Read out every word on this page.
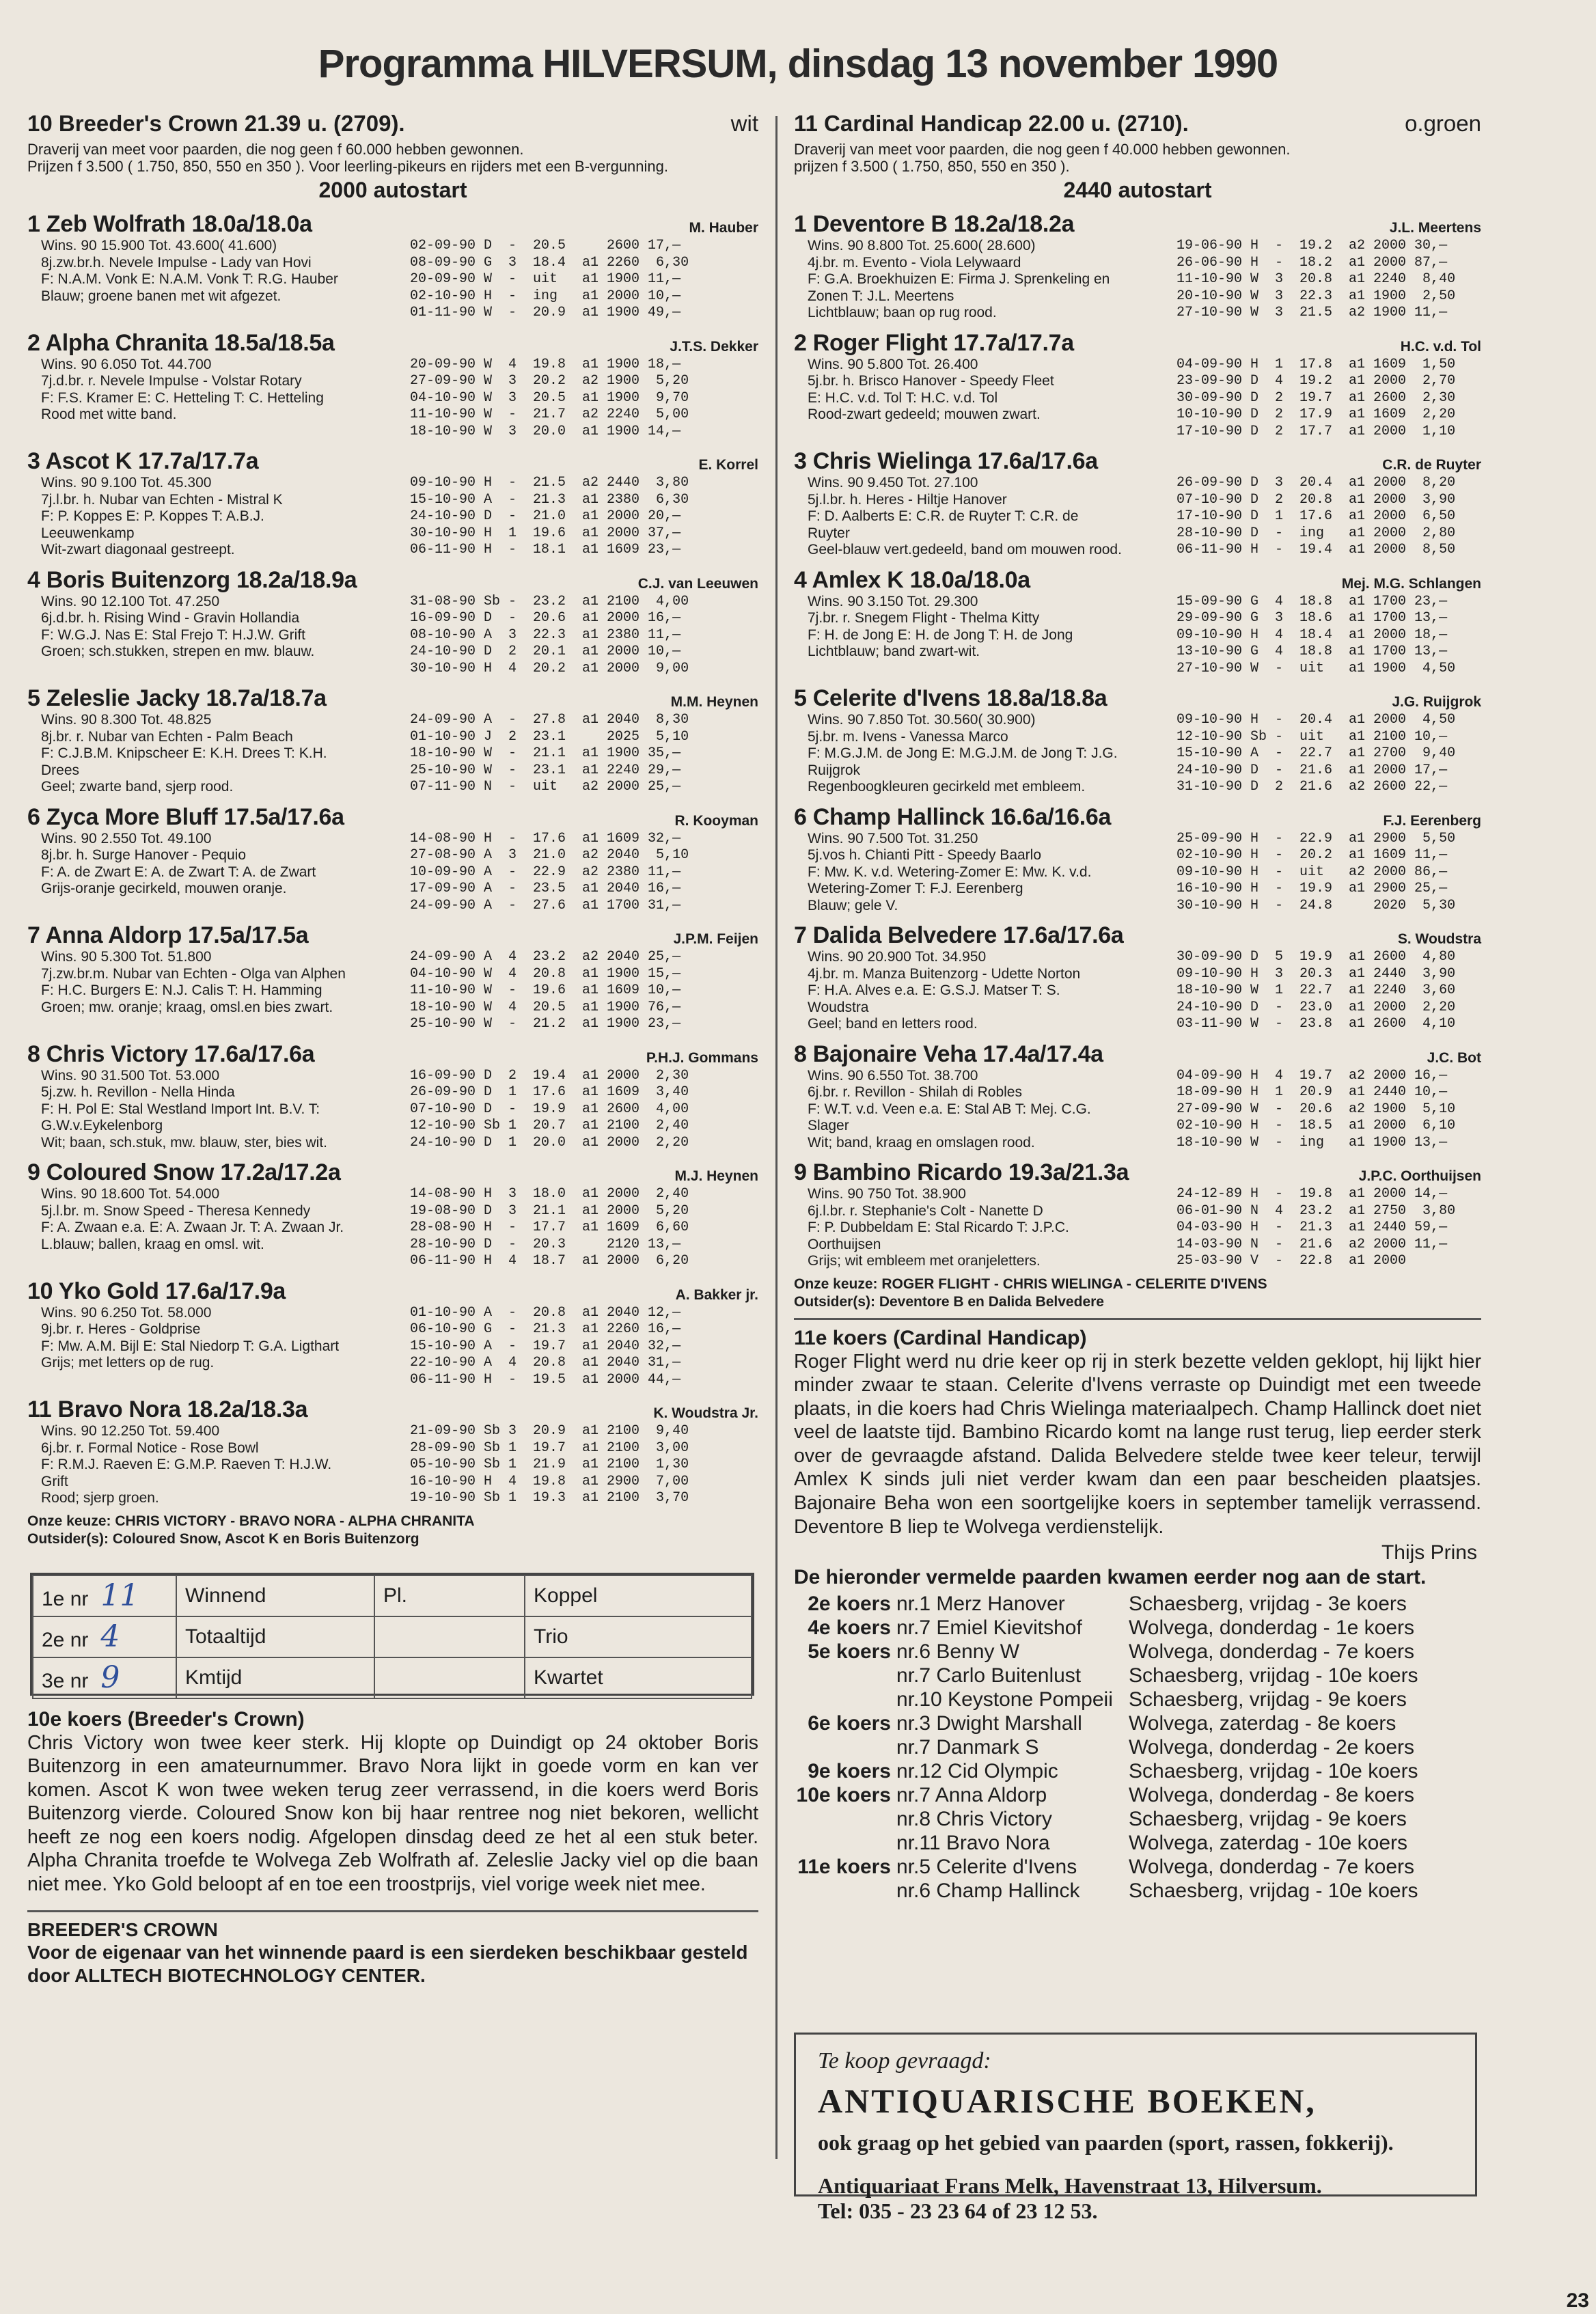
Programma HILVERSUM, dinsdag 13 november 1990
10 Breeder's Crown 21.39 u. (2709).	wit
Draverij van meet voor paarden, die nog geen f 60.000 hebben gewonnen.
Prijzen f 3.500 ( 1.750, 850, 550 en 350 ). Voor leerling-pikeurs en rijders met een B-vergunning.
2000 autostart
1 Zeb Wolfrath 18.0a/18.0a	M. Hauber
Wins. 90 15.900 Tot. 43.600( 41.600)
8j.zw.br.h. Nevele Impulse - Lady van Hovi
F: N.A.M. Vonk E: N.A.M. Vonk T: R.G. Hauber
Blauw; groene banen met wit afgezet.
02-09-90 D  -  20.5     2600 17,—
08-09-90 G  3  18.4  a1 2260  6,30
20-09-90 W  -  uit   a1 1900 11,—
02-10-90 H  -  ing   a1 2000 10,—
01-11-90 W  -  20.9  a1 1900 49,—
2 Alpha Chranita 18.5a/18.5a	J.T.S. Dekker
Wins. 90 6.050 Tot. 44.700
7j.d.br. r. Nevele Impulse - Volstar Rotary
F: F.S. Kramer E: C. Hetteling T: C. Hetteling
Rood met witte band.
20-09-90 W  4  19.8  a1 1900 18,—
27-09-90 W  3  20.2  a2 1900  5,20
04-10-90 W  3  20.5  a1 1900  9,70
11-10-90 W  -  21.7  a2 2240  5,00
18-10-90 W  3  20.0  a1 1900 14,—
3 Ascot K 17.7a/17.7a	E. Korrel
Wins. 90 9.100 Tot. 45.300
7j.l.br. h. Nubar van Echten - Mistral K
F: P. Koppes E: P. Koppes T: A.B.J.
Leeuwenkamp
Wit-zwart diagonaal gestreept.
09-10-90 H  -  21.5  a2 2440  3,80
15-10-90 A  -  21.3  a1 2380  6,30
24-10-90 D  -  21.0  a1 2000 20,—
30-10-90 H  1  19.6  a1 2000 37,—
06-11-90 H  -  18.1  a1 1609 23,—
4 Boris Buitenzorg 18.2a/18.9a	C.J. van Leeuwen
Wins. 90 12.100 Tot. 47.250
6j.d.br. h. Rising Wind - Gravin Hollandia
F: W.G.J. Nas E: Stal Frejo T: H.J.W. Grift
Groen; sch.stukken, strepen en mw. blauw.
31-08-90 Sb -  23.2  a1 2100  4,00
16-09-90 D  -  20.6  a1 2000 16,—
08-10-90 A  3  22.3  a1 2380 11,—
24-10-90 D  2  20.1  a1 2000 10,—
30-10-90 H  4  20.2  a1 2000  9,00
5 Zeleslie Jacky 18.7a/18.7a	M.M. Heynen
Wins. 90 8.300 Tot. 48.825
8j.br. r. Nubar van Echten - Palm Beach
F: C.J.B.M. Knipscheer E: K.H. Drees T: K.H.
Drees
Geel; zwarte band, sjerp rood.
24-09-90 A  -  27.8  a1 2040  8,30
01-10-90 J  2  23.1     2025  5,10
18-10-90 W  -  21.1  a1 1900 35,—
25-10-90 W  -  23.1  a1 2240 29,—
07-11-90 N  -  uit   a2 2000 25,—
6 Zyca More Bluff 17.5a/17.6a	R. Kooyman
Wins. 90 2.550 Tot. 49.100
8j.br. h. Surge Hanover - Pequio
F: A. de Zwart E: A. de Zwart T: A. de Zwart
Grijs-oranje gecirkeld, mouwen oranje.
14-08-90 H  -  17.6  a1 1609 32,—
27-08-90 A  3  21.0  a2 2040  5,10
10-09-90 A  -  22.9  a2 2380 11,—
17-09-90 A  -  23.5  a1 2040 16,—
24-09-90 A  -  27.6  a1 1700 31,—
7 Anna Aldorp 17.5a/17.5a	J.P.M. Feijen
Wins. 90 5.300 Tot. 51.800
7j.zw.br.m. Nubar van Echten - Olga van Alphen
F: H.C. Burgers E: N.J. Calis T: H. Hamming
Groen; mw. oranje; kraag, omsl.en bies zwart.
24-09-90 A  4  23.2  a2 2040 25,—
04-10-90 W  4  20.8  a1 1900 15,—
11-10-90 W  -  19.6  a1 1609 10,—
18-10-90 W  4  20.5  a1 1900 76,—
25-10-90 W  -  21.2  a1 1900 23,—
8 Chris Victory 17.6a/17.6a	P.H.J. Gommans
Wins. 90 31.500 Tot. 53.000
5j.zw. h. Revillon - Nella Hinda
F: H. Pol E: Stal Westland Import Int. B.V. T:
G.W.v.Eykelenborg
Wit; baan, sch.stuk, mw. blauw, ster, bies wit.
16-09-90 D  2  19.4  a1 2000  2,30
26-09-90 D  1  17.6  a1 1609  3,40
07-10-90 D  -  19.9  a1 2600  4,00
12-10-90 Sb 1  20.7  a1 2100  2,40
24-10-90 D  1  20.0  a1 2000  2,20
9 Coloured Snow 17.2a/17.2a	M.J. Heynen
Wins. 90 18.600 Tot. 54.000
5j.l.br. m. Snow Speed - Theresa Kennedy
F: A. Zwaan e.a. E: A. Zwaan Jr. T: A. Zwaan Jr.
L.blauw; ballen, kraag en omsl. wit.
14-08-90 H  3  18.0  a1 2000  2,40
19-08-90 D  3  21.1  a1 2000  5,20
28-08-90 H  -  17.7  a1 1609  6,60
28-10-90 D  -  20.3     2120 13,—
06-11-90 H  4  18.7  a1 2000  6,20
10 Yko Gold 17.6a/17.9a	A. Bakker jr.
Wins. 90 6.250 Tot. 58.000
9j.br. r. Heres - Goldprise
F: Mw. A.M. Bijl E: Stal Niedorp T: G.A. Ligthart
Grijs; met letters op de rug.
01-10-90 A  -  20.8  a1 2040 12,—
06-10-90 G  -  21.3  a1 2260 16,—
15-10-90 A  -  19.7  a1 2040 32,—
22-10-90 A  4  20.8  a1 2040 31,—
06-11-90 H  -  19.5  a1 2000 44,—
11 Bravo Nora 18.2a/18.3a	K. Woudstra Jr.
Wins. 90 12.250 Tot. 59.400
6j.br. r. Formal Notice - Rose Bowl
F: R.M.J. Raeven E: G.M.P. Raeven T: H.J.W.
Grift
Rood; sjerp groen.
21-09-90 Sb 3  20.9  a1 2100  9,40
28-09-90 Sb 1  19.7  a1 2100  3,00
05-10-90 Sb 1  21.9  a1 2100  1,30
16-10-90 H  4  19.8  a1 2900  7,00
19-10-90 Sb 1  19.3  a1 2100  3,70
Onze keuze: CHRIS VICTORY - BRAVO NORA - ALPHA CHRANITA
Outsider(s): Coloured Snow, Ascot K en Boris Buitenzorg
1e nr 11	Winnend	Pl.	Koppel
2e nr 4	Totaaltijd		Trio
3e nr 9	Kmtijd		Kwartet
10e koers (Breeder's Crown)
Chris Victory won twee keer sterk. Hij klopte op Duindigt op 24 oktober Boris Buitenzorg in een amateurnummer. Bravo Nora lijkt in goede vorm en kan ver komen. Ascot K won twee weken terug zeer verrassend, in die koers werd Boris Buitenzorg vierde. Coloured Snow kon bij haar rentree nog niet bekoren, wellicht heeft ze nog een koers nodig. Afgelopen dinsdag deed ze het al een stuk beter. Alpha Chranita troefde te Wolvega Zeb Wolfrath af. Zeleslie Jacky viel op die baan niet mee. Yko Gold beloopt af en toe een troostprijs, viel vorige week niet mee.
BREEDER'S CROWN
Voor de eigenaar van het winnende paard is een sierdeken beschikbaar gesteld door ALLTECH BIOTECHNOLOGY CENTER.
11 Cardinal Handicap 22.00 u. (2710).	o.groen
Draverij van meet voor paarden, die nog geen f 40.000 hebben gewonnen.
prijzen f 3.500 ( 1.750, 850, 550 en 350 ).
2440 autostart
1 Deventore B 18.2a/18.2a	J.L. Meertens
Wins. 90 8.800 Tot. 25.600( 28.600)
4j.br. m. Evento - Viola Lelywaard
F: G.A. Broekhuizen E: Firma J. Sprenkeling en
Zonen T: J.L. Meertens
Lichtblauw; baan op rug rood.
19-06-90 H  -  19.2  a2 2000 30,—
26-06-90 H  -  18.2  a1 2000 87,—
11-10-90 W  3  20.8  a1 2240  8,40
20-10-90 W  3  22.3  a1 1900  2,50
27-10-90 W  3  21.5  a2 1900 11,—
2 Roger Flight 17.7a/17.7a	H.C. v.d. Tol
Wins. 90 5.800 Tot. 26.400
5j.br. h. Brisco Hanover - Speedy Fleet
E: H.C. v.d. Tol T: H.C. v.d. Tol
Rood-zwart gedeeld; mouwen zwart.
04-09-90 H  1  17.8  a1 1609  1,50
23-09-90 D  4  19.2  a1 2000  2,70
30-09-90 D  2  19.7  a1 2600  2,30
10-10-90 D  2  17.9  a1 1609  2,20
17-10-90 D  2  17.7  a1 2000  1,10
3 Chris Wielinga 17.6a/17.6a	C.R. de Ruyter
Wins. 90 9.450 Tot. 27.100
5j.l.br. h. Heres - Hiltje Hanover
F: D. Aalberts E: C.R. de Ruyter T: C.R. de
Ruyter
Geel-blauw vert.gedeeld, band om mouwen rood.
26-09-90 D  3  20.4  a1 2000  8,20
07-10-90 D  2  20.8  a1 2000  3,90
17-10-90 D  1  17.6  a1 2000  6,50
28-10-90 D  -  ing   a1 2000  2,80
06-11-90 H  -  19.4  a1 2000  8,50
4 Amlex K 18.0a/18.0a	Mej. M.G. Schlangen
Wins. 90 3.150 Tot. 29.300
7j.br. r. Snegem Flight - Thelma Kitty
F: H. de Jong E: H. de Jong T: H. de Jong
Lichtblauw; band zwart-wit.
15-09-90 G  4  18.8  a1 1700 23,—
29-09-90 G  3  18.6  a1 1700 13,—
09-10-90 H  4  18.4  a1 2000 18,—
13-10-90 G  4  18.8  a1 1700 13,—
27-10-90 W  -  uit   a1 1900  4,50
5 Celerite d'Ivens 18.8a/18.8a	J.G. Ruijgrok
Wins. 90 7.850 Tot. 30.560( 30.900)
5j.br. m. Ivens - Vanessa Marco
F: M.G.J.M. de Jong E: M.G.J.M. de Jong T: J.G.
Ruijgrok
Regenboogkleuren gecirkeld met embleem.
09-10-90 H  -  20.4  a1 2000  4,50
12-10-90 Sb -  uit   a1 2100 10,—
15-10-90 A  -  22.7  a1 2700  9,40
24-10-90 D  -  21.6  a1 2000 17,—
31-10-90 D  2  21.6  a2 2600 22,—
6 Champ Hallinck 16.6a/16.6a	F.J. Eerenberg
Wins. 90 7.500 Tot. 31.250
5j.vos h. Chianti Pitt - Speedy Baarlo
F: Mw. K. v.d. Wetering-Zomer E: Mw. K. v.d.
Wetering-Zomer T: F.J. Eerenberg
Blauw; gele V.
25-09-90 H  -  22.9  a1 2900  5,50
02-10-90 H  -  20.2  a1 1609 11,—
09-10-90 H  -  uit   a2 2000 86,—
16-10-90 H  -  19.9  a1 2900 25,—
30-10-90 H  -  24.8     2020  5,30
7 Dalida Belvedere 17.6a/17.6a	S. Woudstra
Wins. 90 20.900 Tot. 34.950
4j.br. m. Manza Buitenzorg - Udette Norton
F: H.A. Alves e.a. E: G.S.J. Matser T: S.
Woudstra
Geel; band en letters rood.
30-09-90 D  5  19.9  a1 2600  4,80
09-10-90 H  3  20.3  a1 2440  3,90
18-10-90 W  1  22.7  a1 2240  3,60
24-10-90 D  -  23.0  a1 2000  2,20
03-11-90 W  -  23.8  a1 2600  4,10
8 Bajonaire Veha 17.4a/17.4a	J.C. Bot
Wins. 90 6.550 Tot. 38.700
6j.br. r. Revillon - Shilah di Robles
F: W.T. v.d. Veen e.a. E: Stal AB T: Mej. C.G.
Slager
Wit; band, kraag en omslagen rood.
04-09-90 H  4  19.7  a2 2000 16,—
18-09-90 H  1  20.9  a1 2440 10,—
27-09-90 W  -  20.6  a2 1900  5,10
02-10-90 H  -  18.5  a1 2000  6,10
18-10-90 W  -  ing   a1 1900 13,—
9 Bambino Ricardo 19.3a/21.3a	J.P.C. Oorthuijsen
Wins. 90 750 Tot. 38.900
6j.l.br. r. Stephanie's Colt - Nanette D
F: P. Dubbeldam E: Stal Ricardo T: J.P.C.
Oorthuijsen
Grijs; wit embleem met oranjeletters.
24-12-89 H  -  19.8  a1 2000 14,—
06-01-90 N  4  23.2  a1 2750  3,80
04-03-90 H  -  21.3  a1 2440 59,—
14-03-90 N  -  21.6  a2 2000 11,—
25-03-90 V  -  22.8  a1 2000
Onze keuze: ROGER FLIGHT - CHRIS WIELINGA - CELERITE D'IVENS
Outsider(s): Deventore B en Dalida Belvedere
11e koers (Cardinal Handicap)
Roger Flight werd nu drie keer op rij in sterk bezette velden geklopt, hij lijkt hier minder zwaar te staan. Celerite d'Ivens verraste op Duindigt met een tweede plaats, in die koers had Chris Wielinga materiaalpech. Champ Hallinck doet niet veel de laatste tijd. Bambino Ricardo komt na lange rust terug, liep eerder sterk over de gevraagde afstand. Dalida Belvedere stelde twee keer teleur, terwijl Amlex K sinds juli niet verder kwam dan een paar bescheiden plaatsjes. Bajonaire Beha won een soortgelijke koers in september tamelijk verrassend. Deventore B liep te Wolvega verdienstelijk.
Thijs Prins
De hieronder vermelde paarden kwamen eerder nog aan de start.
2e koers nr.1 Merz Hanover	Schaesberg, vrijdag - 3e koers
4e koers nr.7 Emiel Kievitshof	Wolvega, donderdag - 1e koers
5e koers nr.6 Benny W	Wolvega, donderdag - 7e koers
nr.7 Carlo Buitenlust	Schaesberg, vrijdag - 10e koers
nr.10 Keystone Pompeii Schaesberg, vrijdag - 9e koers
6e koers nr.3 Dwight Marshall	Wolvega, zaterdag - 8e koers
nr.7 Danmark S	Wolvega, donderdag - 2e koers
9e koers nr.12 Cid Olympic	Schaesberg, vrijdag - 10e koers
10e koers nr.7 Anna Aldorp	Wolvega, donderdag - 8e koers
nr.8 Chris Victory	Schaesberg, vrijdag - 9e koers
nr.11 Bravo Nora	Wolvega, zaterdag - 10e koers
11e koers nr.5 Celerite d'Ivens	Wolvega, donderdag - 7e koers
nr.6 Champ Hallinck	Schaesberg, vrijdag - 10e koers
Te koop gevraagd:
ANTIQUARISCHE BOEKEN,
ook graag op het gebied van paarden (sport, rassen, fokkerij).
Antiquariaat Frans Melk, Havenstraat 13, Hilversum.
Tel: 035 - 23 23 64 of 23 12 53.
23
